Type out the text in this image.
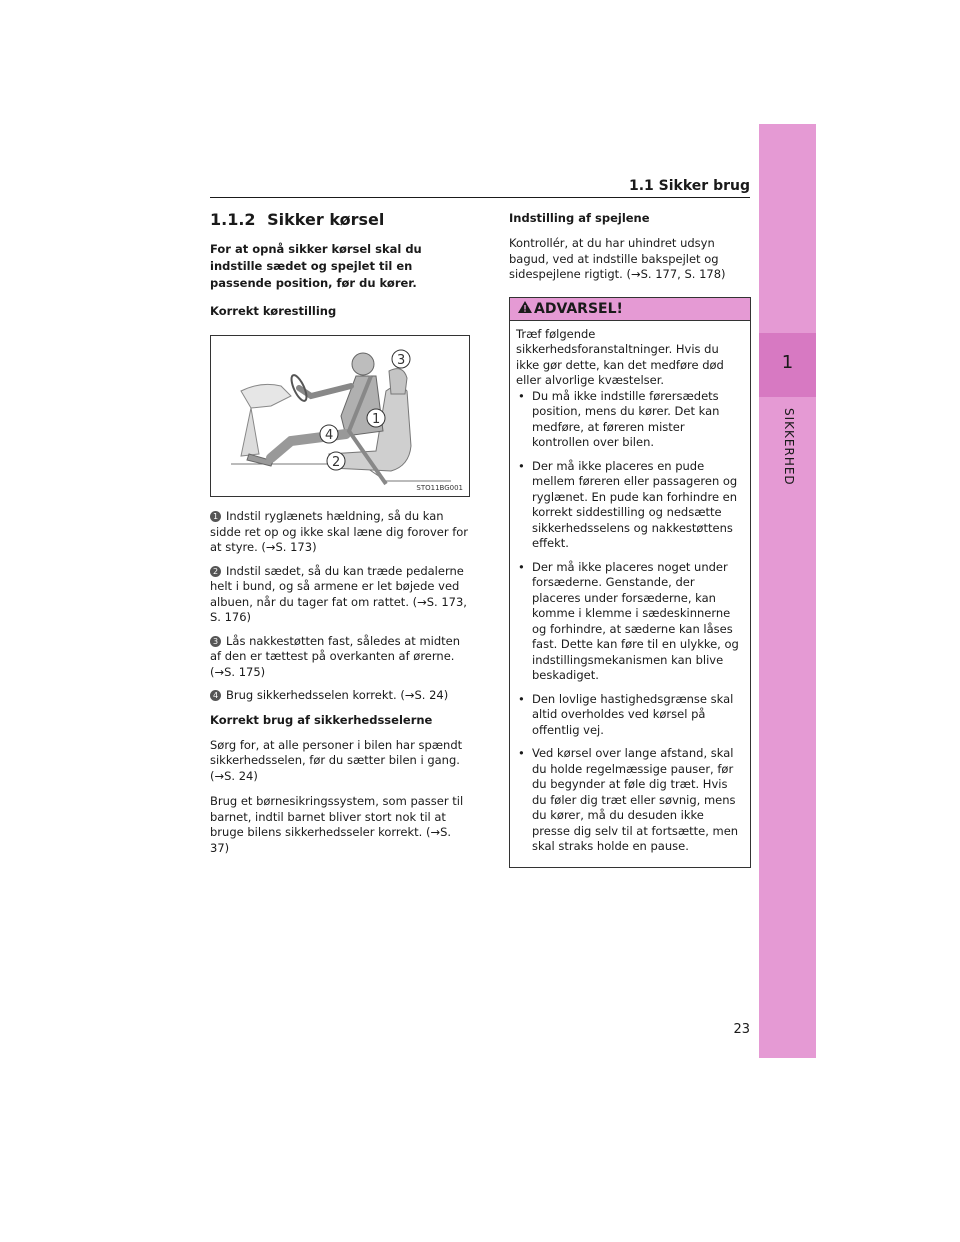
1.1 Sikker brug
1
SIKKERHED
1.1.2 Sikker kørsel

For at opnå sikker kørsel skal du indstille sædet og spejlet til en passende position, før du kører.

Korrekt kørestilling

3
1
4
2
STO11BG001

1 Indstil ryglænets hældning, så du kan sidde ret op og ikke skal læne dig forover for at styre. (→S. 173)

2 Indstil sædet, så du kan træde pedalerne helt i bund, og så armene er let bøjede ved albuen, når du tager fat om rattet. (→S. 173, S. 176)

3 Lås nakkestøtten fast, således at midten af den er tættest på overkanten af ørerne. (→S. 175)

4 Brug sikkerhedsselen korrekt. (→S. 24)

Korrekt brug af sikkerhedsselerne

Sørg for, at alle personer i bilen har spændt sikkerhedsselen, før du sætter bilen i gang. (→S. 24)

Brug et børnesikringssystem, som passer til barnet, indtil barnet bliver stort nok til at bruge bilens sikkerhedsseler korrekt. (→S. 37)

Indstilling af spejlene

Kontrollér, at du har uhindret udsyn bagud, ved at indstille bakspejlet og sidespejlene rigtigt. (→S. 177, S. 178)

ADVARSEL!

Træf følgende sikkerhedsforanstaltninger. Hvis du ikke gør dette, kan det medføre død eller alvorlige kvæstelser.

• Du må ikke indstille førersædets position, mens du kører. Det kan medføre, at føreren mister kontrollen over bilen.
• Der må ikke placeres en pude mellem føreren eller passageren og ryglænet. En pude kan forhindre en korrekt siddestilling og nedsætte sikkerhedsselens og nakkestøttens effekt.
• Der må ikke placeres noget under forsæderne. Genstande, der placeres under forsæderne, kan komme i klemme i sædeskinnerne og forhindre, at sæderne kan låses fast. Dette kan føre til en ulykke, og indstillingsmekanismen kan blive beskadiget.
• Den lovlige hastighedsgrænse skal altid overholdes ved kørsel på offentlig vej.
• Ved kørsel over lange afstand, skal du holde regelmæssige pauser, før du begynder at føle dig træt. Hvis du føler dig træt eller søvnig, mens du kører, må du desuden ikke presse dig selv til at fortsætte, men skal straks holde en pause.
23
